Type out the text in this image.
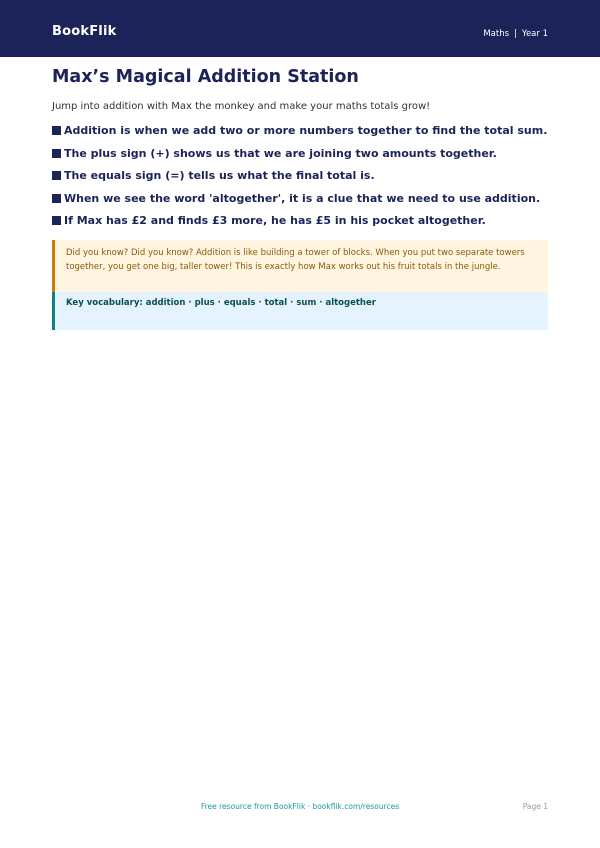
BookFlik	Maths | Year 1
Max’s Magical Addition Station

Jump into addition with Max the monkey and make your maths totals grow!

Addition is when we add two or more numbers together to find the total sum.
The plus sign (+) shows us that we are joining two amounts together.
The equals sign (=) tells us what the final total is.
When we see the word 'altogether', it is a clue that we need to use addition.
If Max has £2 and finds £3 more, he has £5 in his pocket altogether.
Did you know? Did you know? Addition is like building a tower of blocks. When you put two separate towers together, you get one big, taller tower! This is exactly how Max works out his fruit totals in the jungle.
Key vocabulary: addition · plus · equals · total · sum · altogether
Free resource from BookFlik · bookflik.com/resources	Page 1
